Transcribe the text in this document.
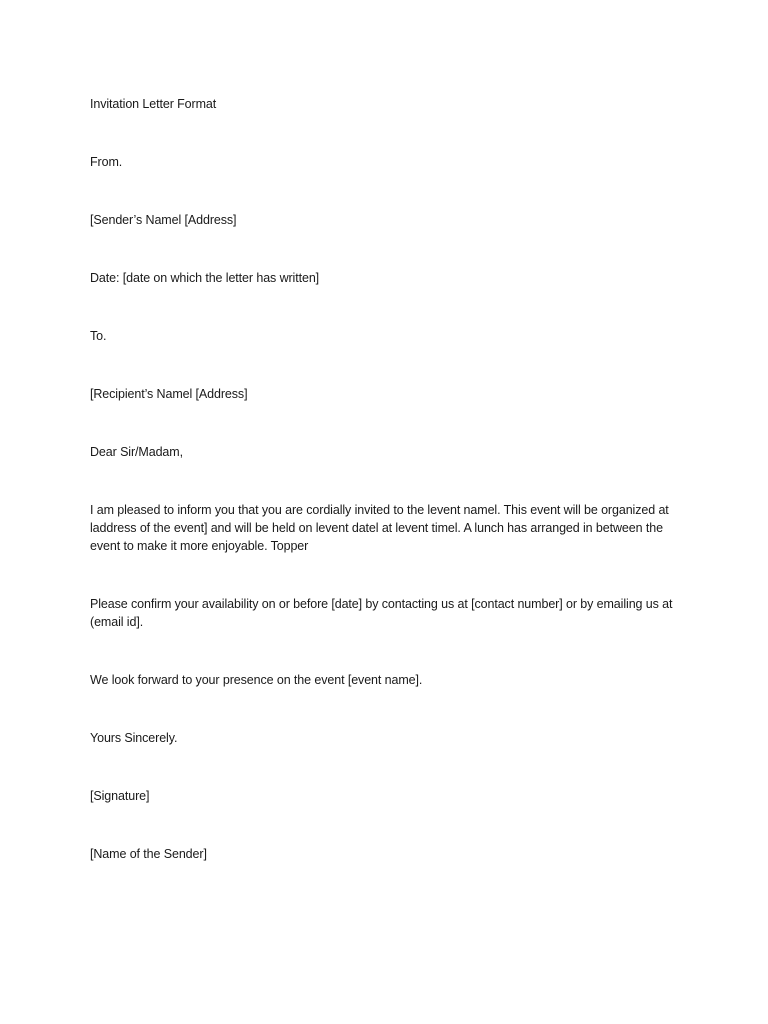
Invitation Letter Format

From.

[Sender’s Namel [Address]

Date: [date on which the letter has written]

To.

[Recipient’s Namel [Address]

Dear Sir/Madam,

I am pleased to inform you that you are cordially invited to the levent namel. This event will be organized at laddress of the event] and will be held on levent datel at levent timel. A lunch has arranged in between the event to make it more enjoyable. Topper

Please confirm your availability on or before [date] by contacting us at [contact number] or by emailing us at (email id].

We look forward to your presence on the event [event name].

Yours Sincerely.

[Signature]

[Name of the Sender]
